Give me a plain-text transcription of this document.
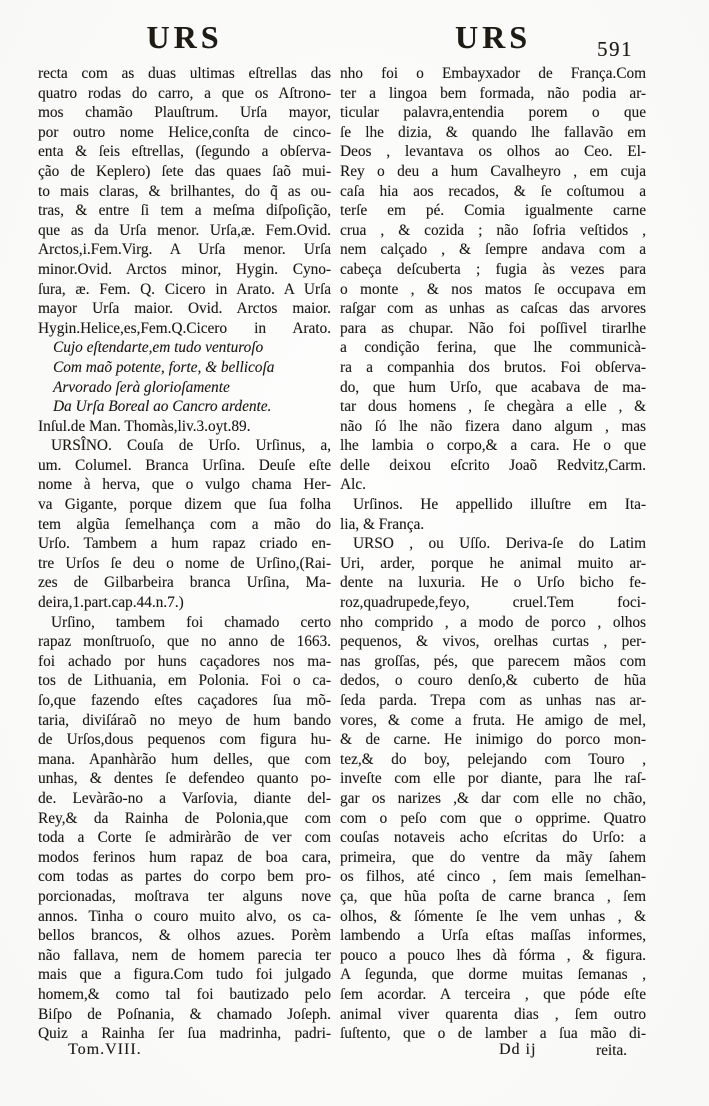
URS	URS	591
recta com as duas ultimas eſtrellas das
quatro rodas do carro, a que os Aſtrono-
mos chamão Plauſtrum. Urſa mayor,
por outro nome Helice,conſta de cinco-
enta & ſeis eſtrellas, (ſegundo a obſerva-
ção de Keplero) ſete das quaes ſaõ mui-
to mais claras, & brilhantes, do q̃ as ou-
tras, & entre ſi tem a meſma diſpoſição,
que as da Urſa menor. Urſa,æ. Fem.Ovid.
Arctos,i.Fem.Virg. A Urſa menor. Urſa
minor.Ovid. Arctos minor, Hygin. Cyno-
ſura, æ. Fem. Q. Cicero in Arato. A Urſa
mayor Urſa maior. Ovid. Arctos maior.
Hygin.Helice,es,Fem.Q.Cicero in Arato.
Cujo eſtendarte,em tudo venturoſo
Com maõ potente, forte, & bellicoſa
Arvorado ſerà glorioſamente
Da Urſa Boreal ao Cancro ardente.
Inſul.de Man. Thomàs,liv.3.oyt.89.
URSÎNO. Couſa de Urſo. Urſinus, a,
um. Columel. Branca Urſina. Deuſe eſte
nome à herva, que o vulgo chama Her-
va Gigante, porque dizem que ſua folha
tem algũa ſemelhança com a mão do
Urſo. Tambem a hum rapaz criado en-
tre Urſos ſe deu o nome de Urſino,(Rai-
zes de Gilbarbeira branca Urſina, Ma-
deira,1.part.cap.44.n.7.)
Urſino, tambem foi chamado certo
rapaz monſtruoſo, que no anno de 1663.
foi achado por huns caçadores nos ma-
tos de Lithuania, em Polonia. Foi o ca-
ſo,que fazendo eſtes caçadores ſua mõ-
taria, diviſáraõ no meyo de hum bando
de Urſos,dous pequenos com figura hu-
mana. Apanhàrão hum delles, que com
unhas, & dentes ſe defendeo quanto po-
de. Levàrão-no a Varſovia, diante del-
Rey,& da Rainha de Polonia,que com
toda a Corte ſe admiràrão de ver com
modos ferinos hum rapaz de boa cara,
com todas as partes do corpo bem pro-
porcionadas, moſtrava ter alguns nove
annos. Tinha o couro muito alvo, os ca-
bellos brancos, & olhos azues. Porèm
não fallava, nem de homem parecia ter
mais que a figura.Com tudo foi julgado
homem,& como tal foi bautizado pelo
Biſpo de Poſnania, & chamado Joſeph.
Quiz a Rainha ſer ſua madrinha, padri-
nho foi o Embayxador de França.Com
ter a lingoa bem formada, não podia ar-
ticular palavra,entendia porem o que
ſe lhe dizia, & quando lhe fallavão em
Deos , levantava os olhos ao Ceo. El-
Rey o deu a hum Cavalheyro , em cuja
caſa hia aos recados, & ſe coſtumou a
terſe em pé. Comia igualmente carne
crua , & cozida ; não ſofria veſtidos ,
nem calçado , & ſempre andava com a
cabeça deſcuberta ; fugia às vezes para
o monte , & nos matos ſe occupava em
raſgar com as unhas as caſcas das arvores
para as chupar. Não foi poſſivel tirarlhe
a condição ferina, que lhe communicà-
ra a companhia dos brutos. Foi obſerva-
do, que hum Urſo, que acabava de ma-
tar dous homens , ſe chegàra a elle , &
não ſó lhe não fizera dano algum , mas
lhe lambia o corpo,& a cara. He o que
delle deixou eſcrito Joaõ Redvitz,Carm.
Alc.
Urſinos. He appellido illuſtre em Ita-
lia, & França.
URSO , ou Uſſo. Deriva-ſe do Latim
Uri, arder, porque he animal muito ar-
dente na luxuria. He o Urſo bicho fe-
roz,quadrupede,feyo, cruel.Tem foci-
nho comprido , a modo de porco , olhos
pequenos, & vivos, orelhas curtas , per-
nas groſſas, pés, que parecem mãos com
dedos, o couro denſo,& cuberto de hũa
ſeda parda. Trepa com as unhas nas ar-
vores, & come a fruta. He amigo de mel,
& de carne. He inimigo do porco mon-
tez,& do boy, pelejando com Touro ,
inveſte com elle por diante, para lhe raſ-
gar os narizes ,& dar com elle no chão,
com o peſo com que o opprime. Quatro
couſas notaveis acho eſcritas do Urſo: a
primeira, que do ventre da mãy ſahem
os filhos, até cinco , ſem mais ſemelhan-
ça, que hũa poſta de carne branca , ſem
olhos, & ſómente ſe lhe vem unhas , &
lambendo a Urſa eſtas maſſas informes,
pouco a pouco lhes dà fórma , & figura.
A ſegunda, que dorme muitas ſemanas ,
ſem acordar. A terceira , que póde eſte
animal viver quarenta dias , ſem outro
ſuſtento, que o de lamber a ſua mão di-
Tom.VIII.	Dd ij	reita.
